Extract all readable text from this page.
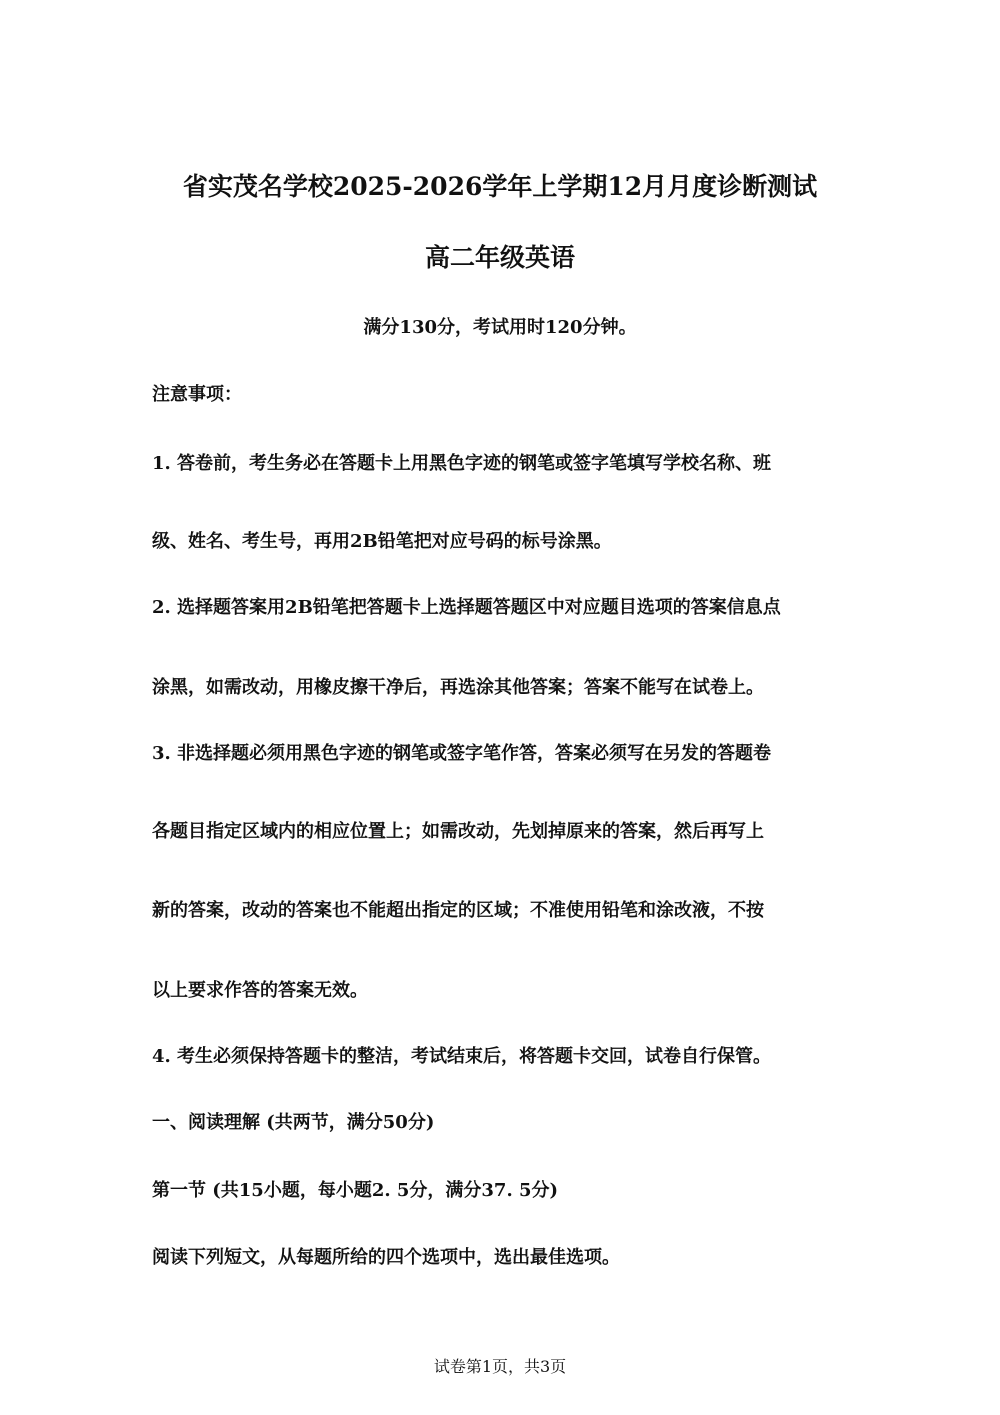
省实茂名学校2025-2026学年上学期12月月度诊断测试
高二年级英语
满分130分，考试用时120分钟。
注意事项：
1. 答卷前，考生务必在答题卡上用黑色字迹的钢笔或签字笔填写学校名称、班
级、姓名、考生号，再用2B铅笔把对应号码的标号涂黑。
2. 选择题答案用2B铅笔把答题卡上选择题答题区中对应题目选项的答案信息点
涂黑，如需改动，用橡皮擦干净后，再选涂其他答案；答案不能写在试卷上。
3. 非选择题必须用黑色字迹的钢笔或签字笔作答，答案必须写在另发的答题卷
各题目指定区域内的相应位置上；如需改动，先划掉原来的答案，然后再写上
新的答案，改动的答案也不能超出指定的区域；不准使用铅笔和涂改液，不按
以上要求作答的答案无效。
4. 考生必须保持答题卡的整洁，考试结束后，将答题卡交回，试卷自行保管。
一、阅读理解 (共两节，满分50分)
第一节 (共15小题，每小题2. 5分，满分37. 5分)
阅读下列短文，从每题所给的四个选项中，选出最佳选项。
试卷第1页，共3页
